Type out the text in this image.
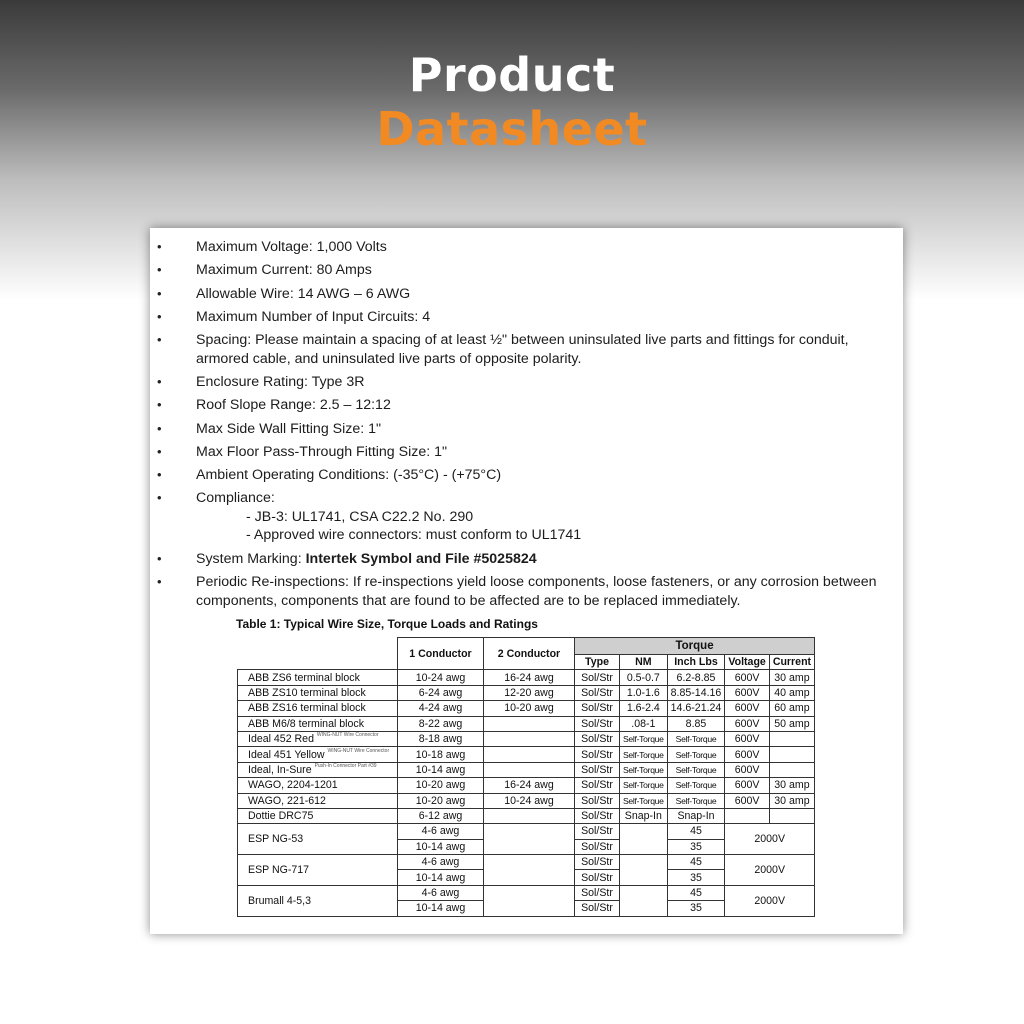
Product
Datasheet
• Maximum Voltage: 1,000 Volts
• Maximum Current: 80 Amps
• Allowable Wire: 14 AWG – 6 AWG
• Maximum Number of Input Circuits: 4
• Spacing: Please maintain a spacing of at least ½" between uninsulated live parts and fittings for conduit, armored cable, and uninsulated live parts of opposite polarity.
• Enclosure Rating: Type 3R
• Roof Slope Range: 2.5 – 12:12
• Max Side Wall Fitting Size: 1"
• Max Floor Pass-Through Fitting Size: 1"
• Ambient Operating Conditions: (-35°C) - (+75°C)
• Compliance:
- JB-3: UL1741, CSA C22.2 No. 290
- Approved wire connectors: must conform to UL1741
• System Marking: Intertek Symbol and File #5025824
• Periodic Re-inspections: If re-inspections yield loose components, loose fasteners, or any corrosion between components, components that are found to be affected are to be replaced immediately.
Table 1: Typical Wire Size, Torque Loads and Ratings
	1 Conductor	2 Conductor	Torque				
			Type	NM	Inch Lbs	Voltage	Current
ABB ZS6 terminal block	10-24 awg	16-24 awg	Sol/Str	0.5-0.7	6.2-8.85	600V	30 amp
ABB ZS10 terminal block	6-24 awg	12-20 awg	Sol/Str	1.0-1.6	8.85-14.16	600V	40 amp
ABB ZS16 terminal block	4-24 awg	10-20 awg	Sol/Str	1.6-2.4	14.6-21.24	600V	60 amp
ABB M6/8 terminal block	8-22 awg		Sol/Str	.08-1	8.85	600V	50 amp
Ideal 452 Red WING-NUT Wire Connector	8-18 awg		Sol/Str	Self-Torque	Self-Torque	600V	
Ideal 451 Yellow WING-NUT Wire Connector	10-18 awg		Sol/Str	Self-Torque	Self-Torque	600V	
Ideal, In-Sure Push-In Connector Part #39	10-14 awg		Sol/Str	Self-Torque	Self-Torque	600V	
WAGO, 2204-1201	10-20 awg	16-24 awg	Sol/Str	Self-Torque	Self-Torque	600V	30 amp
WAGO, 221-612	10-20 awg	10-24 awg	Sol/Str	Self-Torque	Self-Torque	600V	30 amp
Dottie DRC75	6-12 awg		Sol/Str	Snap-In	Snap-In		
ESP NG-53	4-6 awg		Sol/Str		45	2000V	
	10-14 awg		Sol/Str		35		
ESP NG-717	4-6 awg		Sol/Str		45	2000V	
	10-14 awg		Sol/Str		35		
Brumall 4-5,3	4-6 awg		Sol/Str		45	2000V	
	10-14 awg		Sol/Str		35		
